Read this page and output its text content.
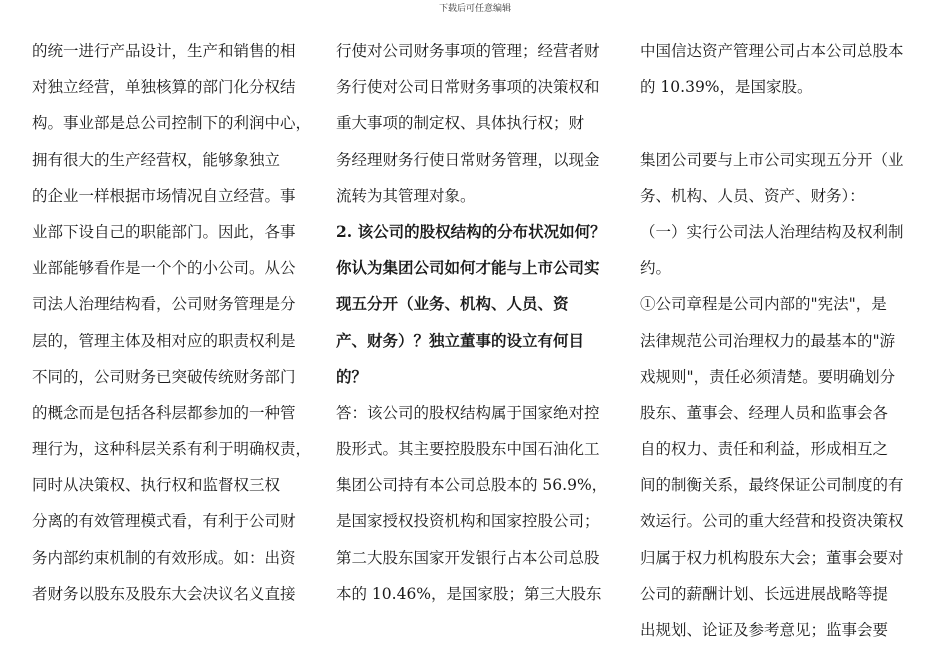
下载后可任意编辑
的统一进行产品设计，生产和销售的相
对独立经营，单独核算的部门化分权结
构。事业部是总公司控制下的利润中心，
拥有很大的生产经营权，能够象独立
的企业一样根据市场情况自立经营。事
业部下设自己的职能部门。因此，各事
业部能够看作是一个个的小公司。从公
司法人治理结构看，公司财务管理是分
层的，管理主体及相对应的职责权利是
不同的，公司财务已突破传统财务部门
的概念而是包括各科层都参加的一种管
理行为，这种科层关系有利于明确权责，
同时从决策权、执行权和监督权三权
分离的有效管理模式看，有利于公司财
务内部约束机制的有效形成。如：出资
者财务以股东及股东大会决议名义直接
行使对公司财务事项的管理；经营者财
务行使对公司日常财务事项的决策权和
重大事项的制定权、具体执行权；财
务经理财务行使日常财务管理，以现金
流转为其管理对象。
2. 该公司的股权结构的分布状况如何？
你认为集团公司如何才能与上市公司实
现五分开（业务、机构、人员、资
产、财务）？独立董事的设立有何目
的？
答：该公司的股权结构属于国家绝对控
股形式。其主要控股股东中国石油化工
集团公司持有本公司总股本的 56.9%，
是国家授权投资机构和国家控股公司；
第二大股东国家开发银行占本公司总股
本的 10.46%，是国家股；第三大股东
中国信达资产管理公司占本公司总股本
的 10.39%，是国家股。
集团公司要与上市公司实现五分开（业
务、机构、人员、资产、财务）：
（一）实行公司法人治理结构及权利制
约。
①公司章程是公司内部的"宪法"，是
法律规范公司治理权力的最基本的"游
戏规则"，责任必须清楚。要明确划分
股东、董事会、经理人员和监事会各
自的权力、责任和利益，形成相互之
间的制衡关系，最终保证公司制度的有
效运行。公司的重大经营和投资决策权
归属于权力机构股东大会；董事会要对
公司的薪酬计划、长远进展战略等提
出规划、论证及参考意见；监事会要
